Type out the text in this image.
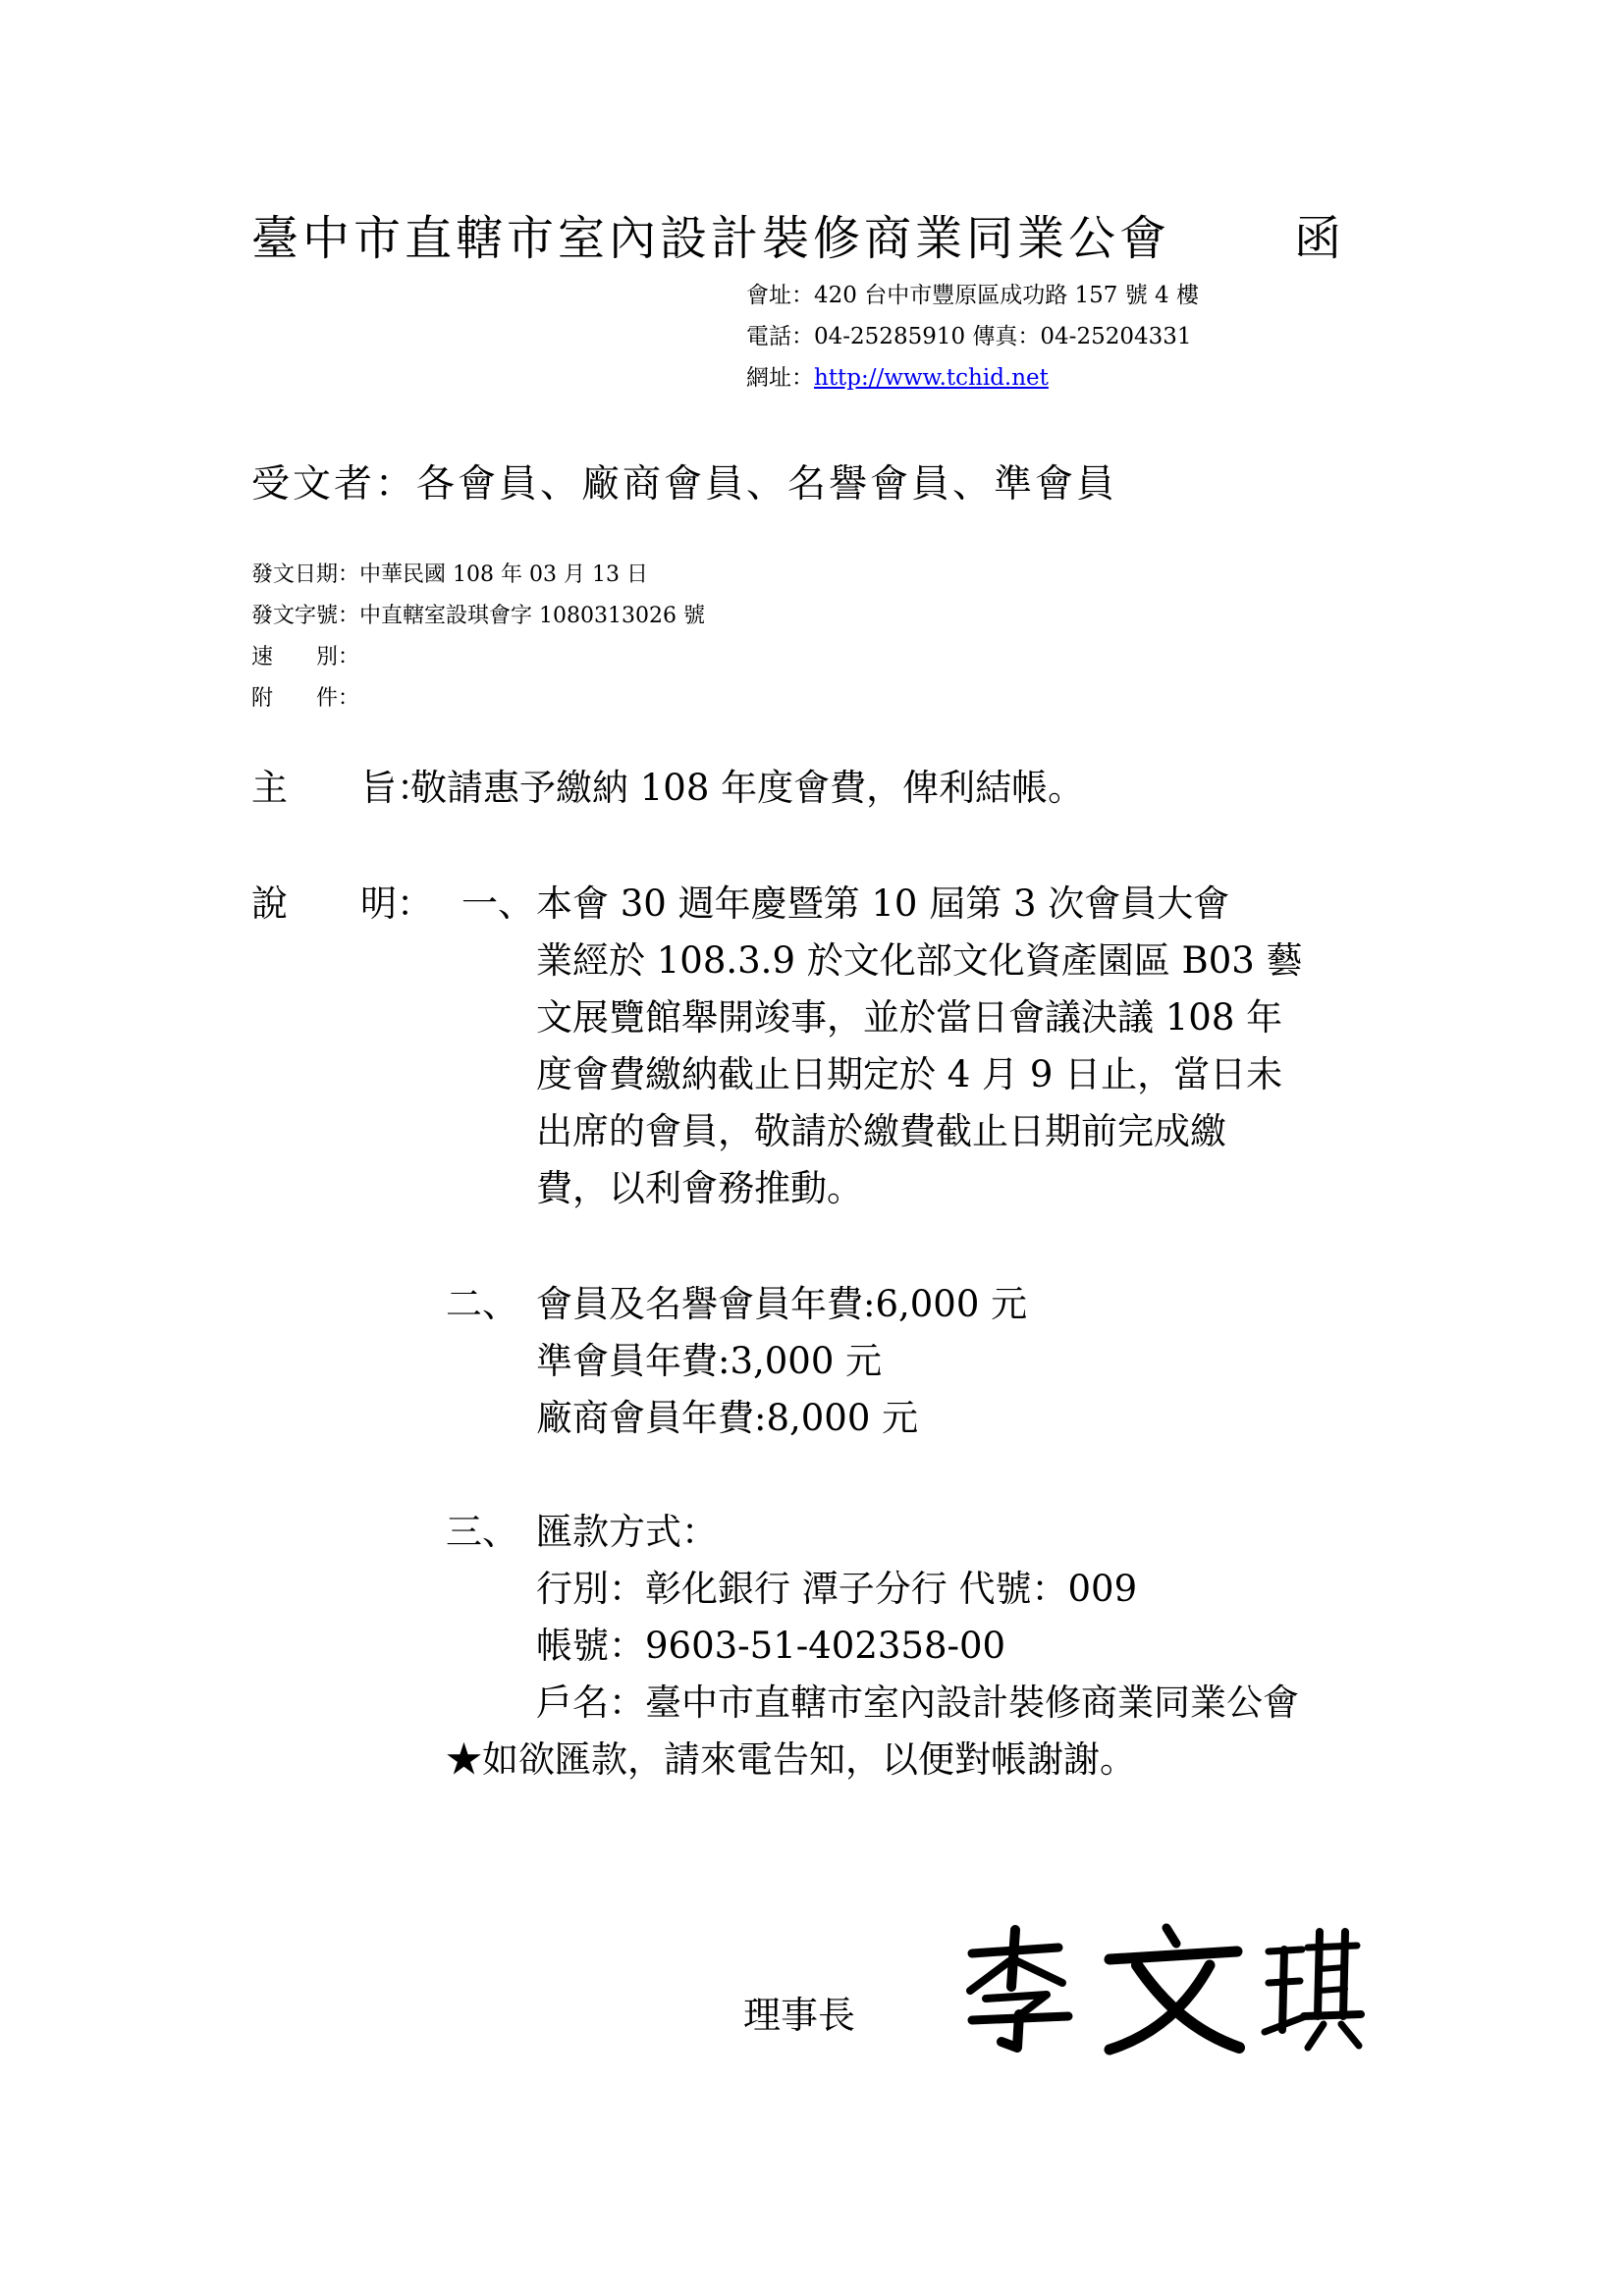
臺中市直轄市室內設計裝修商業同業公會	函
會址：420 台中市豐原區成功路 157 號 4 樓
電話：04-25285910 傳真：04-25204331
網址：http://www.tchid.net
受文者：各會員、廠商會員、名譽會員、準會員
發文日期：中華民國 108 年 03 月 13 日
發文字號：中直轄室設琪會字 1080313026 號
速　　別：
附　　件：
主　　旨：
敬請惠予繳納 108 年度會費，俾利結帳。
說　　明： 一、 本會 30 週年慶暨第 10 屆第 3 次會員大會
業經於 108.3.9 於文化部文化資產園區 B03 藝
文展覽館舉開竣事，並於當日會議決議 108 年
度會費繳納截止日期定於 4 月 9 日止，當日未
出席的會員，敬請於繳費截止日期前完成繳
費，以利會務推動。
二、 會員及名譽會員年費:6,000 元
準會員年費:3,000 元
廠商會員年費:8,000 元
三、 匯款方式：
行別：彰化銀行 潭子分行 代號：009
帳號：9603-51-402358-00
戶名：臺中市直轄市室內設計裝修商業同業公會
★如欲匯款，請來電告知，以便對帳謝謝。
理事長
